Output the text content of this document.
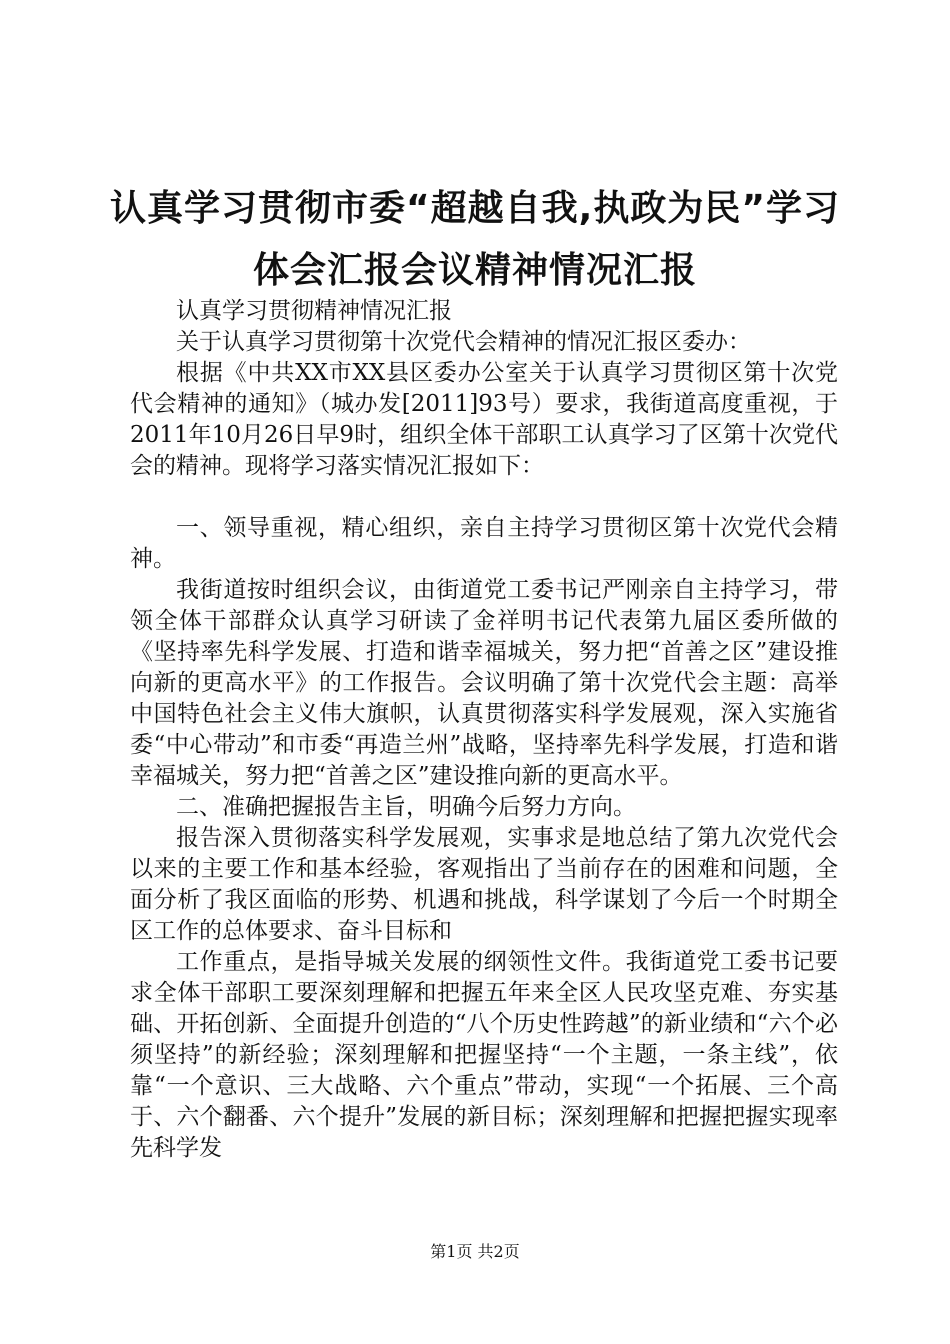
认真学习贯彻市委“超越自我,执政为民”学习体会汇报会议精神情况汇报

认真学习贯彻精神情况汇报

关于认真学习贯彻第十次党代会精神的情况汇报区委办：

根据《中共XX市XX县区委办公室关于认真学习贯彻区第十次党代会精神的通知》（城办发[2011]93号）要求，我街道高度重视，于2011年10月26日早9时，组织全体干部职工认真学习了区第十次党代会的精神。现将学习落实情况汇报如下：

一、领导重视，精心组织，亲自主持学习贯彻区第十次党代会精神。

我街道按时组织会议，由街道党工委书记严刚亲自主持学习，带领全体干部群众认真学习研读了金祥明书记代表第九届区委所做的《坚持率先科学发展、打造和谐幸福城关，努力把“首善之区”建设推向新的更高水平》的工作报告。会议明确了第十次党代会主题：高举中国特色社会主义伟大旗帜，认真贯彻落实科学发展观，深入实施省委“中心带动”和市委“再造兰州”战略，坚持率先科学发展，打造和谐幸福城关，努力把“首善之区”建设推向新的更高水平。

二、准确把握报告主旨，明确今后努力方向。

报告深入贯彻落实科学发展观，实事求是地总结了第九次党代会以来的主要工作和基本经验，客观指出了当前存在的困难和问题，全面分析了我区面临的形势、机遇和挑战，科学谋划了今后一个时期全区工作的总体要求、奋斗目标和

工作重点，是指导城关发展的纲领性文件。我街道党工委书记要求全体干部职工要深刻理解和把握五年来全区人民攻坚克难、夯实基础、开拓创新、全面提升创造的“八个历史性跨越”的新业绩和“六个必须坚持”的新经验；深刻理解和把握坚持“一个主题，一条主线”，依靠“一个意识、三大战略、六个重点”带动，实现“一个拓展、三个高于、六个翻番、六个提升”发展的新目标；深刻理解和把握把握实现率先科学发

第1页 共2页
